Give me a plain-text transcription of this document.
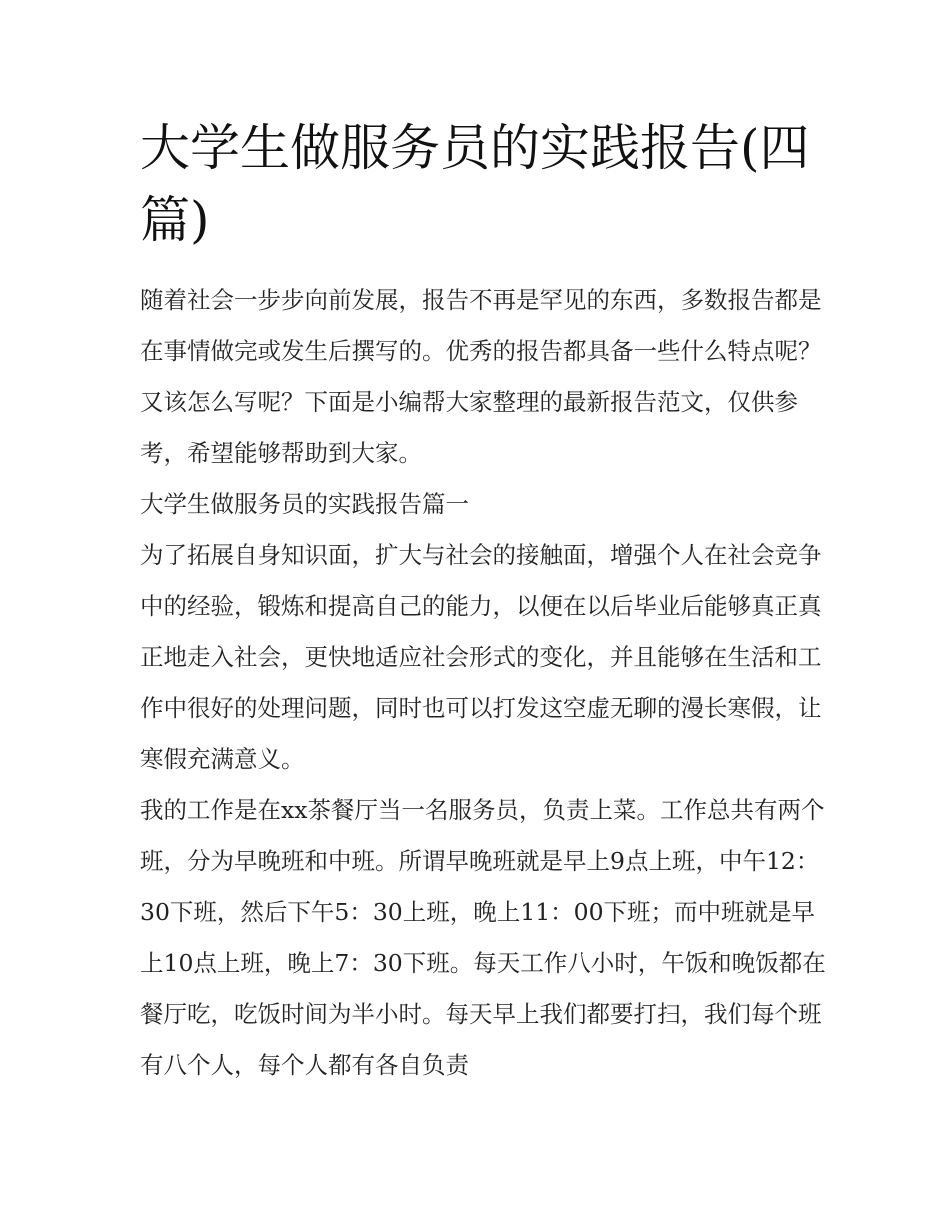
大学生做服务员的实践报告(四篇)

随着社会一步步向前发展，报告不再是罕见的东西，多数报告都是在事情做完或发生后撰写的。优秀的报告都具备一些什么特点呢？又该怎么写呢？下面是小编帮大家整理的最新报告范文，仅供参考，希望能够帮助到大家。

大学生做服务员的实践报告篇一

为了拓展自身知识面，扩大与社会的接触面，增强个人在社会竞争中的经验，锻炼和提高自己的能力，以便在以后毕业后能够真正真正地走入社会，更快地适应社会形式的变化，并且能够在生活和工作中很好的处理问题，同时也可以打发这空虚无聊的漫长寒假，让寒假充满意义。

我的工作是在xx茶餐厅当一名服务员，负责上菜。工作总共有两个班，分为早晚班和中班。所谓早晚班就是早上9点上班，中午12：30下班，然后下午5：30上班，晚上11：00下班；而中班就是早上10点上班，晚上7：30下班。每天工作八小时，午饭和晚饭都在餐厅吃，吃饭时间为半小时。每天早上我们都要打扫，我们每个班有八个人，每个人都有各自负责
